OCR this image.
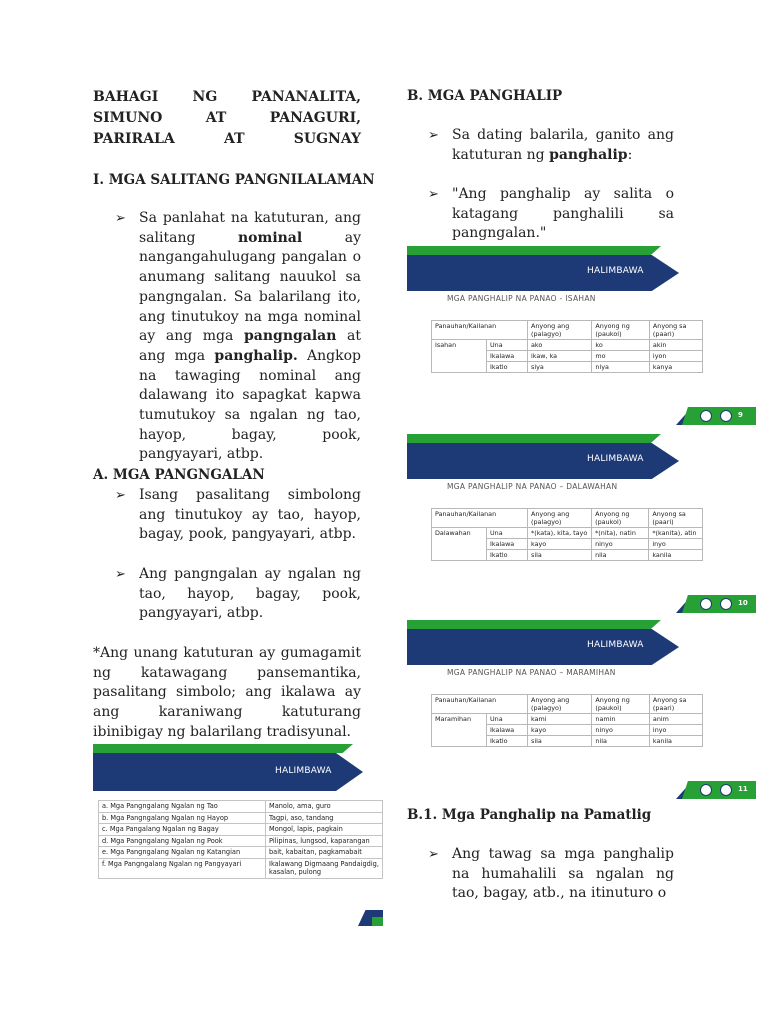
BAHAGI NG PANANALITA, SIMUNO AT PANAGURI, PARIRALA AT SUGNAY
I. MGA SALITANG PANGNILALAMAN
➢ Sa panlahat na katuturan, ang salitang nominal ay nangangahulugang pangalan o anumang salitang nauukol sa pangngalan. Sa balarilang ito, ang tinutukoy na mga nominal ay ang mga pangngalan at ang mga panghalip. Angkop na tawaging nominal ang dalawang ito sapagkat kapwa tumutukoy sa ngalan ng tao, hayop, bagay, pook, pangyayari, atbp.
A. MGA PANGNGALAN
➢ Isang pasalitang simbolong ang tinutukoy ay tao, hayop, bagay, pook, pangyayari, atbp.
➢ Ang pangngalan ay ngalan ng tao, hayop, bagay, pook, pangyayari, atbp.
*Ang unang katuturan ay gumagamit ng katawagang pansemantika, pasalitang simbolo; ang ikalawa ay ang karaniwang katuturang ibinibigay ng balarilang tradisyunal.
HALIMBAWA
a. Mga Pangngalang Ngalan ng Tao	Manolo, ama, guro
b. Mga Pangngalang Ngalan ng Hayop	Tagpi, aso, tandang
c. Mga Pangalang Ngalan ng Bagay	Mongol, lapis, pagkain
d. Mga Pangngalang Ngalan ng Pook	Pilipinas, lungsod, kaparangan
e. Mga Pangngalang Ngalan ng Katangian	bait, kabaitan, pagkamabait
f. Mga Pangngalang Ngalan ng Pangyayari	Ikalawang Digmaang Pandaigdig, kasalan, pulong
B. MGA PANGHALIP
➢ Sa dating balarila, ganito ang katuturan ng panghalip:
➢ "Ang panghalip ay salita o katagang panghalili sa pangngalan."
HALIMBAWA
MGA PANGHALIP NA PANAO - ISAHAN
Panauhan/Kailanan		Anyong ang (palagyo)	Anyong ng (paukol)	Anyong sa (paari)
Isahan	Una	ako	ko	akin
	Ikalawa	ikaw, ka	mo	iyon
	Ikatlo	siya	niya	kanya
9
HALIMBAWA
MGA PANGHALIP NA PANAO – DALAWAHAN
Panauhan/Kailanan		Anyong ang (palagyo)	Anyong ng (paukol)	Anyong sa (paari)
Dalawahan	Una	*(kata), kita, tayo	*(nita), natin	*(kanita), atin
	Ikalawa	kayo	ninyo	inyo
	Ikatlo	sila	nila	kanila
10
HALIMBAWA
MGA PANGHALIP NA PANAO – MARAMIHAN
Panauhan/Kailanan		Anyong ang (palagyo)	Anyong ng (paukol)	Anyong sa (paari)
Maramihan	Una	kami	namin	anim
	Ikalawa	kayo	ninyo	inyo
	Ikatlo	sila	nila	kanila
11
B.1. Mga Panghalip na Pamatlig
➢ Ang tawag sa mga panghalip na humahalili sa ngalan ng tao, bagay, atb., na itinuturo o
